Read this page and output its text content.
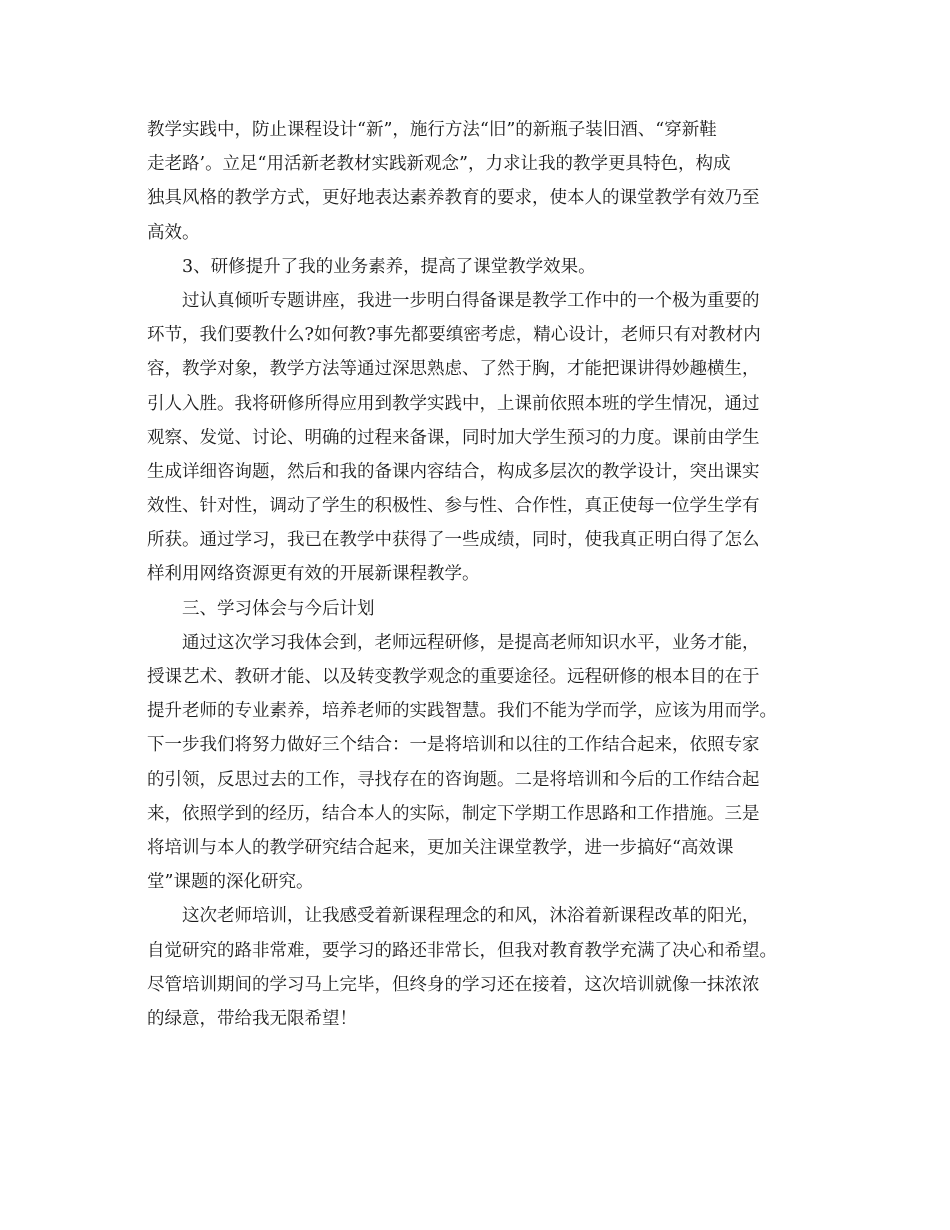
教学实践中，防止课程设计“新”，施行方法“旧”的新瓶子装旧酒、“穿新鞋
走老路’。立足“用活新老教材实践新观念”，力求让我的教学更具特色，构成
独具风格的教学方式，更好地表达素养教育的要求，使本人的课堂教学有效乃至
高效。
3、研修提升了我的业务素养，提高了课堂教学效果。
过认真倾听专题讲座，我进一步明白得备课是教学工作中的一个极为重要的
环节，我们要教什么?如何教?事先都要缜密考虑，精心设计，老师只有对教材内
容，教学对象，教学方法等通过深思熟虑、了然于胸，才能把课讲得妙趣横生，
引人入胜。我将研修所得应用到教学实践中，上课前依照本班的学生情况，通过
观察、发觉、讨论、明确的过程来备课，同时加大学生预习的力度。课前由学生
生成详细咨询题，然后和我的备课内容结合，构成多层次的教学设计，突出课实
效性、针对性，调动了学生的积极性、参与性、合作性，真正使每一位学生学有
所获。通过学习，我已在教学中获得了一些成绩，同时，使我真正明白得了怎么
样利用网络资源更有效的开展新课程教学。
三、学习体会与今后计划
通过这次学习我体会到，老师远程研修，是提高老师知识水平，业务才能，
授课艺术、教研才能、以及转变教学观念的重要途径。远程研修的根本目的在于
提升老师的专业素养，培养老师的实践智慧。我们不能为学而学，应该为用而学。
下一步我们将努力做好三个结合：一是将培训和以往的工作结合起来，依照专家
的引领，反思过去的工作，寻找存在的咨询题。二是将培训和今后的工作结合起
来，依照学到的经历，结合本人的实际，制定下学期工作思路和工作措施。三是
将培训与本人的教学研究结合起来，更加关注课堂教学，进一步搞好“高效课
堂”课题的深化研究。
这次老师培训，让我感受着新课程理念的和风，沐浴着新课程改革的阳光，
自觉研究的路非常难，要学习的路还非常长，但我对教育教学充满了决心和希望。
尽管培训期间的学习马上完毕，但终身的学习还在接着，这次培训就像一抹浓浓
的绿意，带给我无限希望！
